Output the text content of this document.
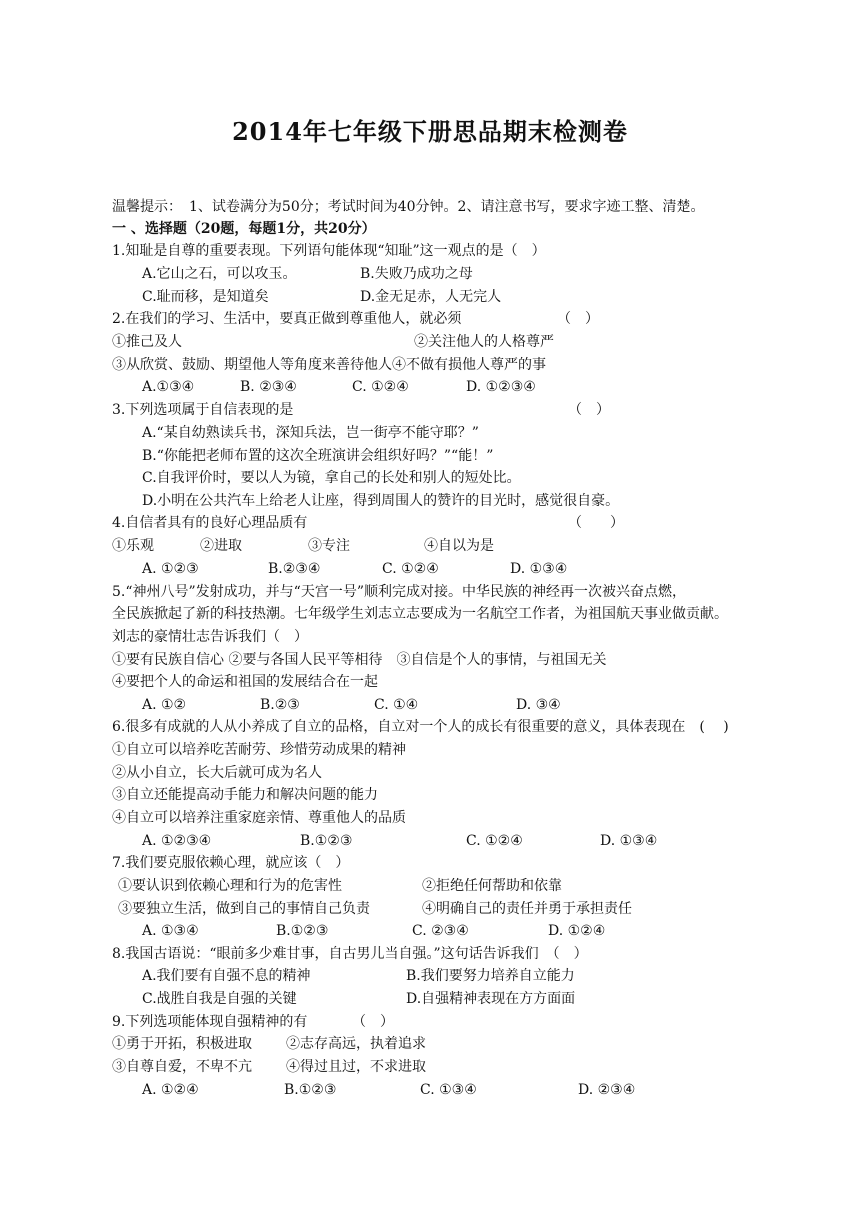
2014年七年级下册思品期末检测卷
温馨提示：　1、试卷满分为50分；考试时间为40分钟。2、请注意书写，要求字迹工整、清楚。
一 、选择题（20题，每题1分，共20分）
1.知耻是自尊的重要表现。下列语句能体现“知耻”这一观点的是（　）
A.它山之石，可以攻玉。	B.失败乃成功之母
C.耻而移，是知道矣	D.金无足赤，人无完人
2.在我们的学习、生活中，要真正做到尊重他人，就必须	（　）
①推己及人	②关注他人的人格尊严
③从欣赏、鼓励、期望他人等角度来善待他人④不做有损他人尊严的事
A.①③④	B. ②③④	C. ①②④	D. ①②③④
3.下列选项属于自信表现的是	（　）
A.“某自幼熟读兵书，深知兵法，岂一街亭不能守耶？”
B.“你能把老师布置的这次全班演讲会组织好吗？”“能！”
C.自我评价时，要以人为镜，拿自己的长处和别人的短处比。
D.小明在公共汽车上给老人让座，得到周围人的赞许的目光时，感觉很自豪。
4.自信者具有的良好心理品质有	（　　）
①乐观	②进取	③专注	④自以为是
A. ①②③	B.②③④	C. ①②④	D. ①③④
5.“神州八号”发射成功，并与“天宫一号”顺利完成对接。中华民族的神经再一次被兴奋点燃，
全民族掀起了新的科技热潮。七年级学生刘志立志要成为一名航空工作者，为祖国航天事业做贡献。
刘志的豪情壮志告诉我们（　）
①要有民族自信心 ②要与各国人民平等相待　③自信是个人的事情，与祖国无关
④要把个人的命运和祖国的发展结合在一起
A. ①②	B.②③	C. ①④	D. ③④
6.很多有成就的人从小养成了自立的品格，自立对一个人的成长有很重要的意义，具体表现在　( 　)
①自立可以培养吃苦耐劳、珍惜劳动成果的精神
②从小自立，长大后就可成为名人
③自立还能提高动手能力和解决问题的能力
④自立可以培养注重家庭亲情、尊重他人的品质
A. ①②③④	B.①②③	C. ①②④	D. ①③④
7.我们要克服依赖心理，就应该（　）
①要认识到依赖心理和行为的危害性	②拒绝任何帮助和依靠
③要独立生活，做到自己的事情自己负责	④明确自己的责任并勇于承担责任
A. ①③④	B.①②③	C. ②③④	D. ①②④
8.我国古语说：“眼前多少难甘事，自古男儿当自强。”这句话告诉我们　（　）
A.我们要有自强不息的精神	B.我们要努力培养自立能力
C.战胜自我是自强的关键	D.自强精神表现在方方面面
9.下列选项能体现自强精神的有	（　）
①勇于开拓，积极进取 ②志存高远，执着追求
③自尊自爱，不卑不亢 ④得过且过，不求进取
A. ①②④	B.①②③	C. ①③④	D. ②③④
